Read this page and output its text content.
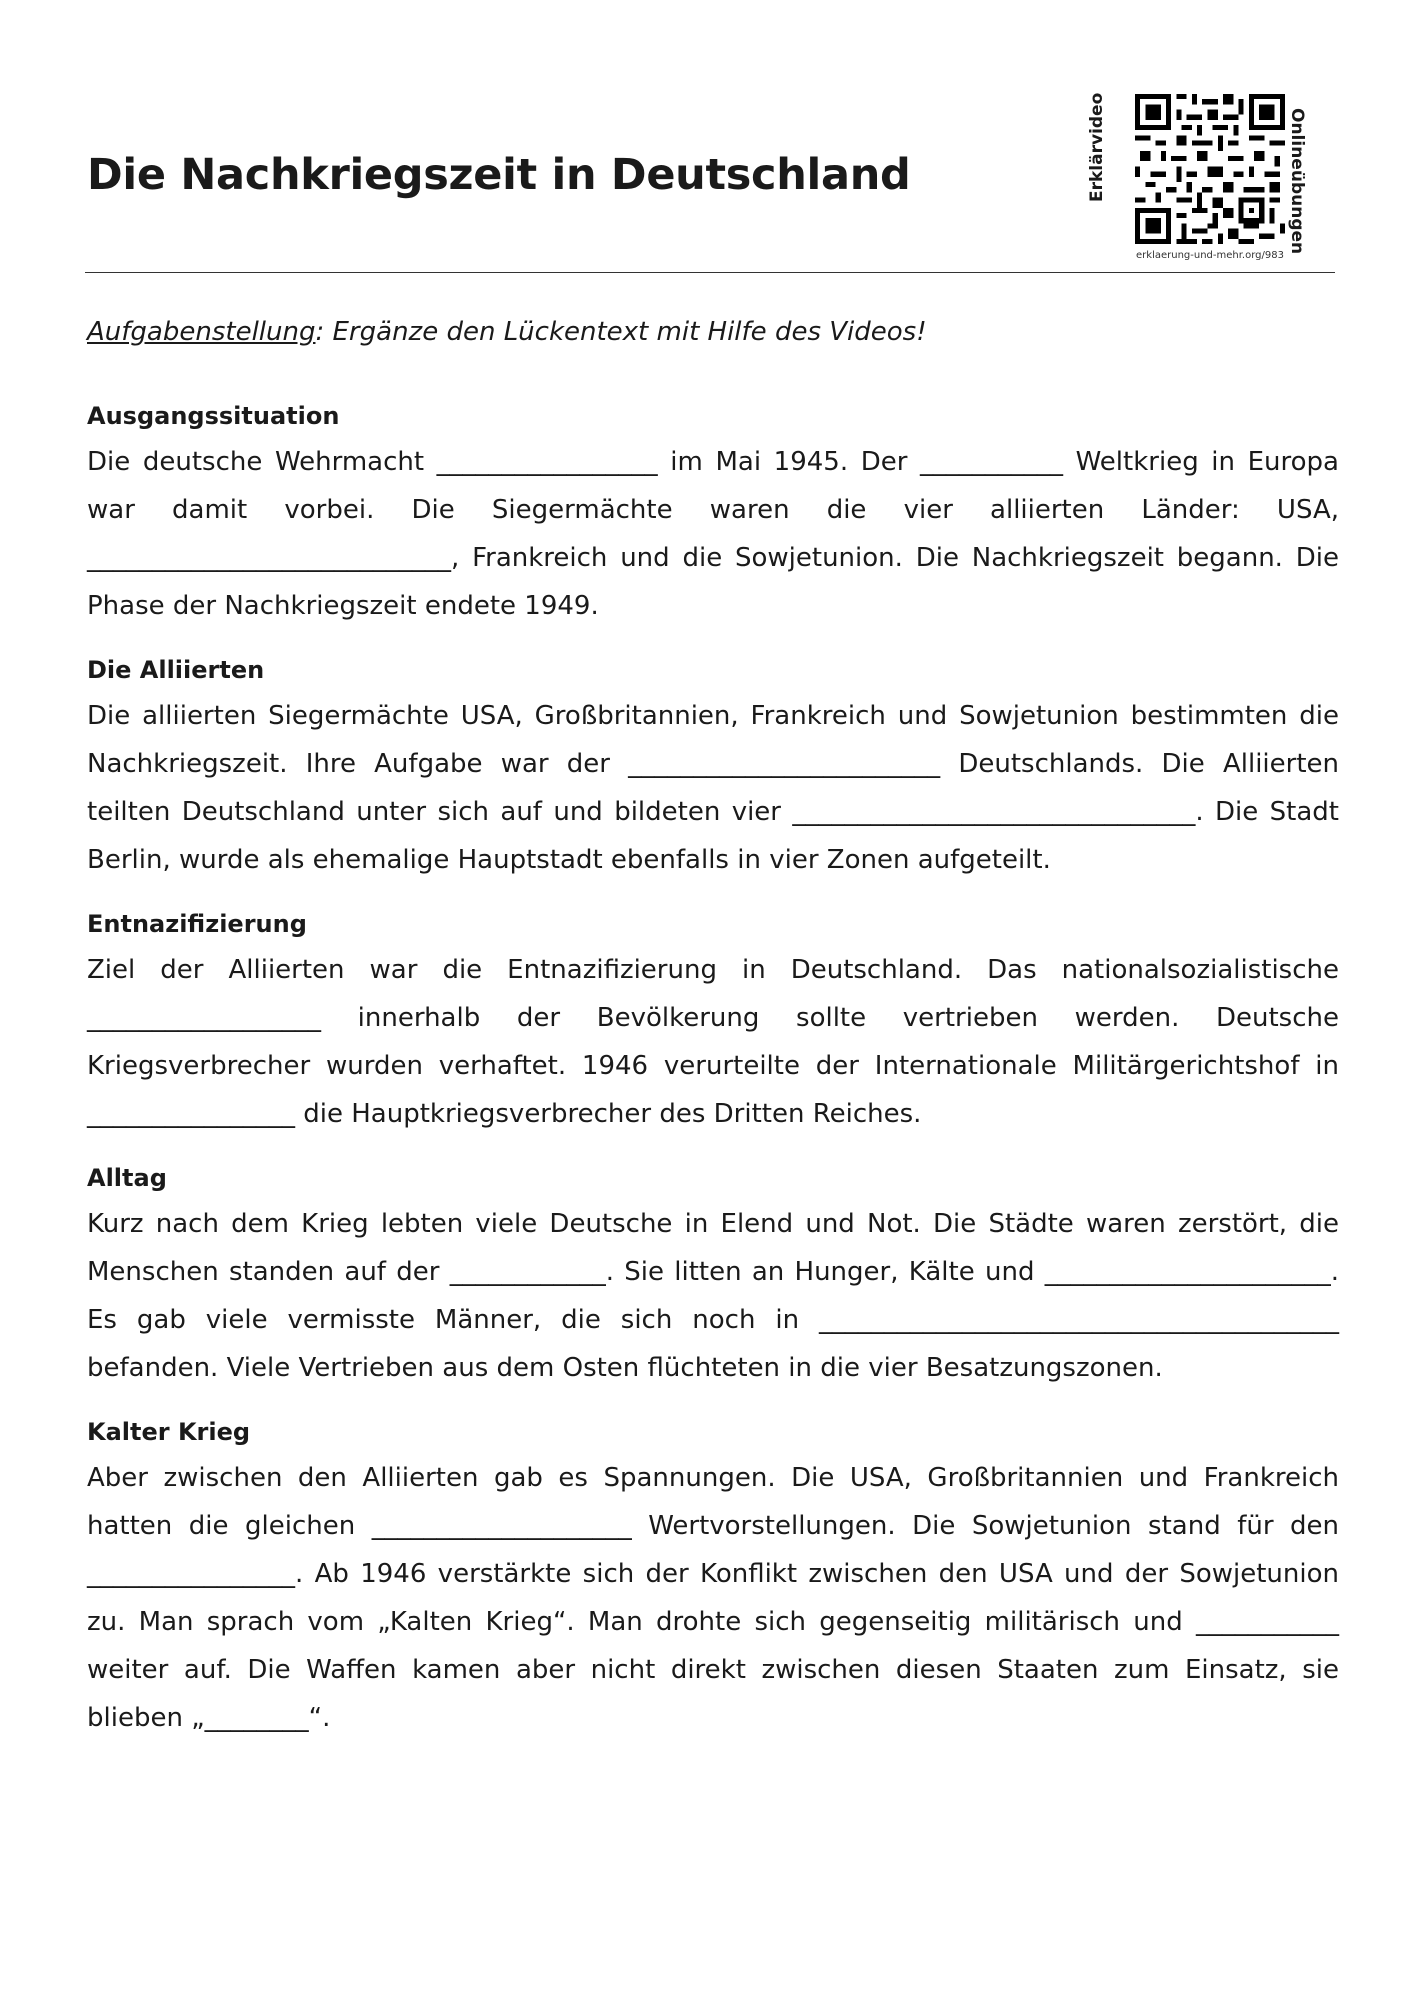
Die Nachkriegszeit in Deutschland	Erklärvideo	Onlineübungen
erklaerung-und-mehr.org/983
Aufgabenstellung: Ergänze den Lückentext mit Hilfe des Videos!
Ausgangssituation

Die deutsche Wehrmacht _________________ im Mai 1945. Der ___________ Weltkrieg in Europa war damit vorbei. Die Siegermächte waren die vier alliierten Länder: USA, ____________________________, Frankreich und die Sowjetunion. Die Nachkriegszeit begann. Die Phase der Nachkriegszeit endete 1949.

Die Alliierten

Die alliierten Siegermächte USA, Großbritannien, Frankreich und Sowjetunion bestimmten die Nachkriegszeit. Ihre Aufgabe war der ________________________ Deutschlands. Die Alliierten teilten Deutschland unter sich auf und bildeten vier _______________________________. Die Stadt Berlin, wurde als ehemalige Hauptstadt ebenfalls in vier Zonen aufgeteilt.

Entnazifizierung

Ziel der Alliierten war die Entnazifizierung in Deutschland. Das nationalsozialistische __________________ innerhalb der Bevölkerung sollte vertrieben werden. Deutsche Kriegsverbrecher wurden verhaftet. 1946 verurteilte der Internationale Militärgerichtshof in ________________ die Hauptkriegsverbrecher des Dritten Reiches.

Alltag

Kurz nach dem Krieg lebten viele Deutsche in Elend und Not. Die Städte waren zerstört, die Menschen standen auf der ____________. Sie litten an Hunger, Kälte und ______________________. Es gab viele vermisste Männer, die sich noch in ________________________________________ befanden. Viele Vertrieben aus dem Osten flüchteten in die vier Besatzungszonen.

Kalter Krieg

Aber zwischen den Alliierten gab es Spannungen. Die USA, Großbritannien und Frankreich hatten die gleichen ____________________ Wertvorstellungen. Die Sowjetunion stand für den ________________. Ab 1946 verstärkte sich der Konflikt zwischen den USA und der Sowjetunion zu. Man sprach vom „Kalten Krieg“. Man drohte sich gegenseitig militärisch und ___________ weiter auf. Die Waffen kamen aber nicht direkt zwischen diesen Staaten zum Einsatz, sie blieben „________“.
